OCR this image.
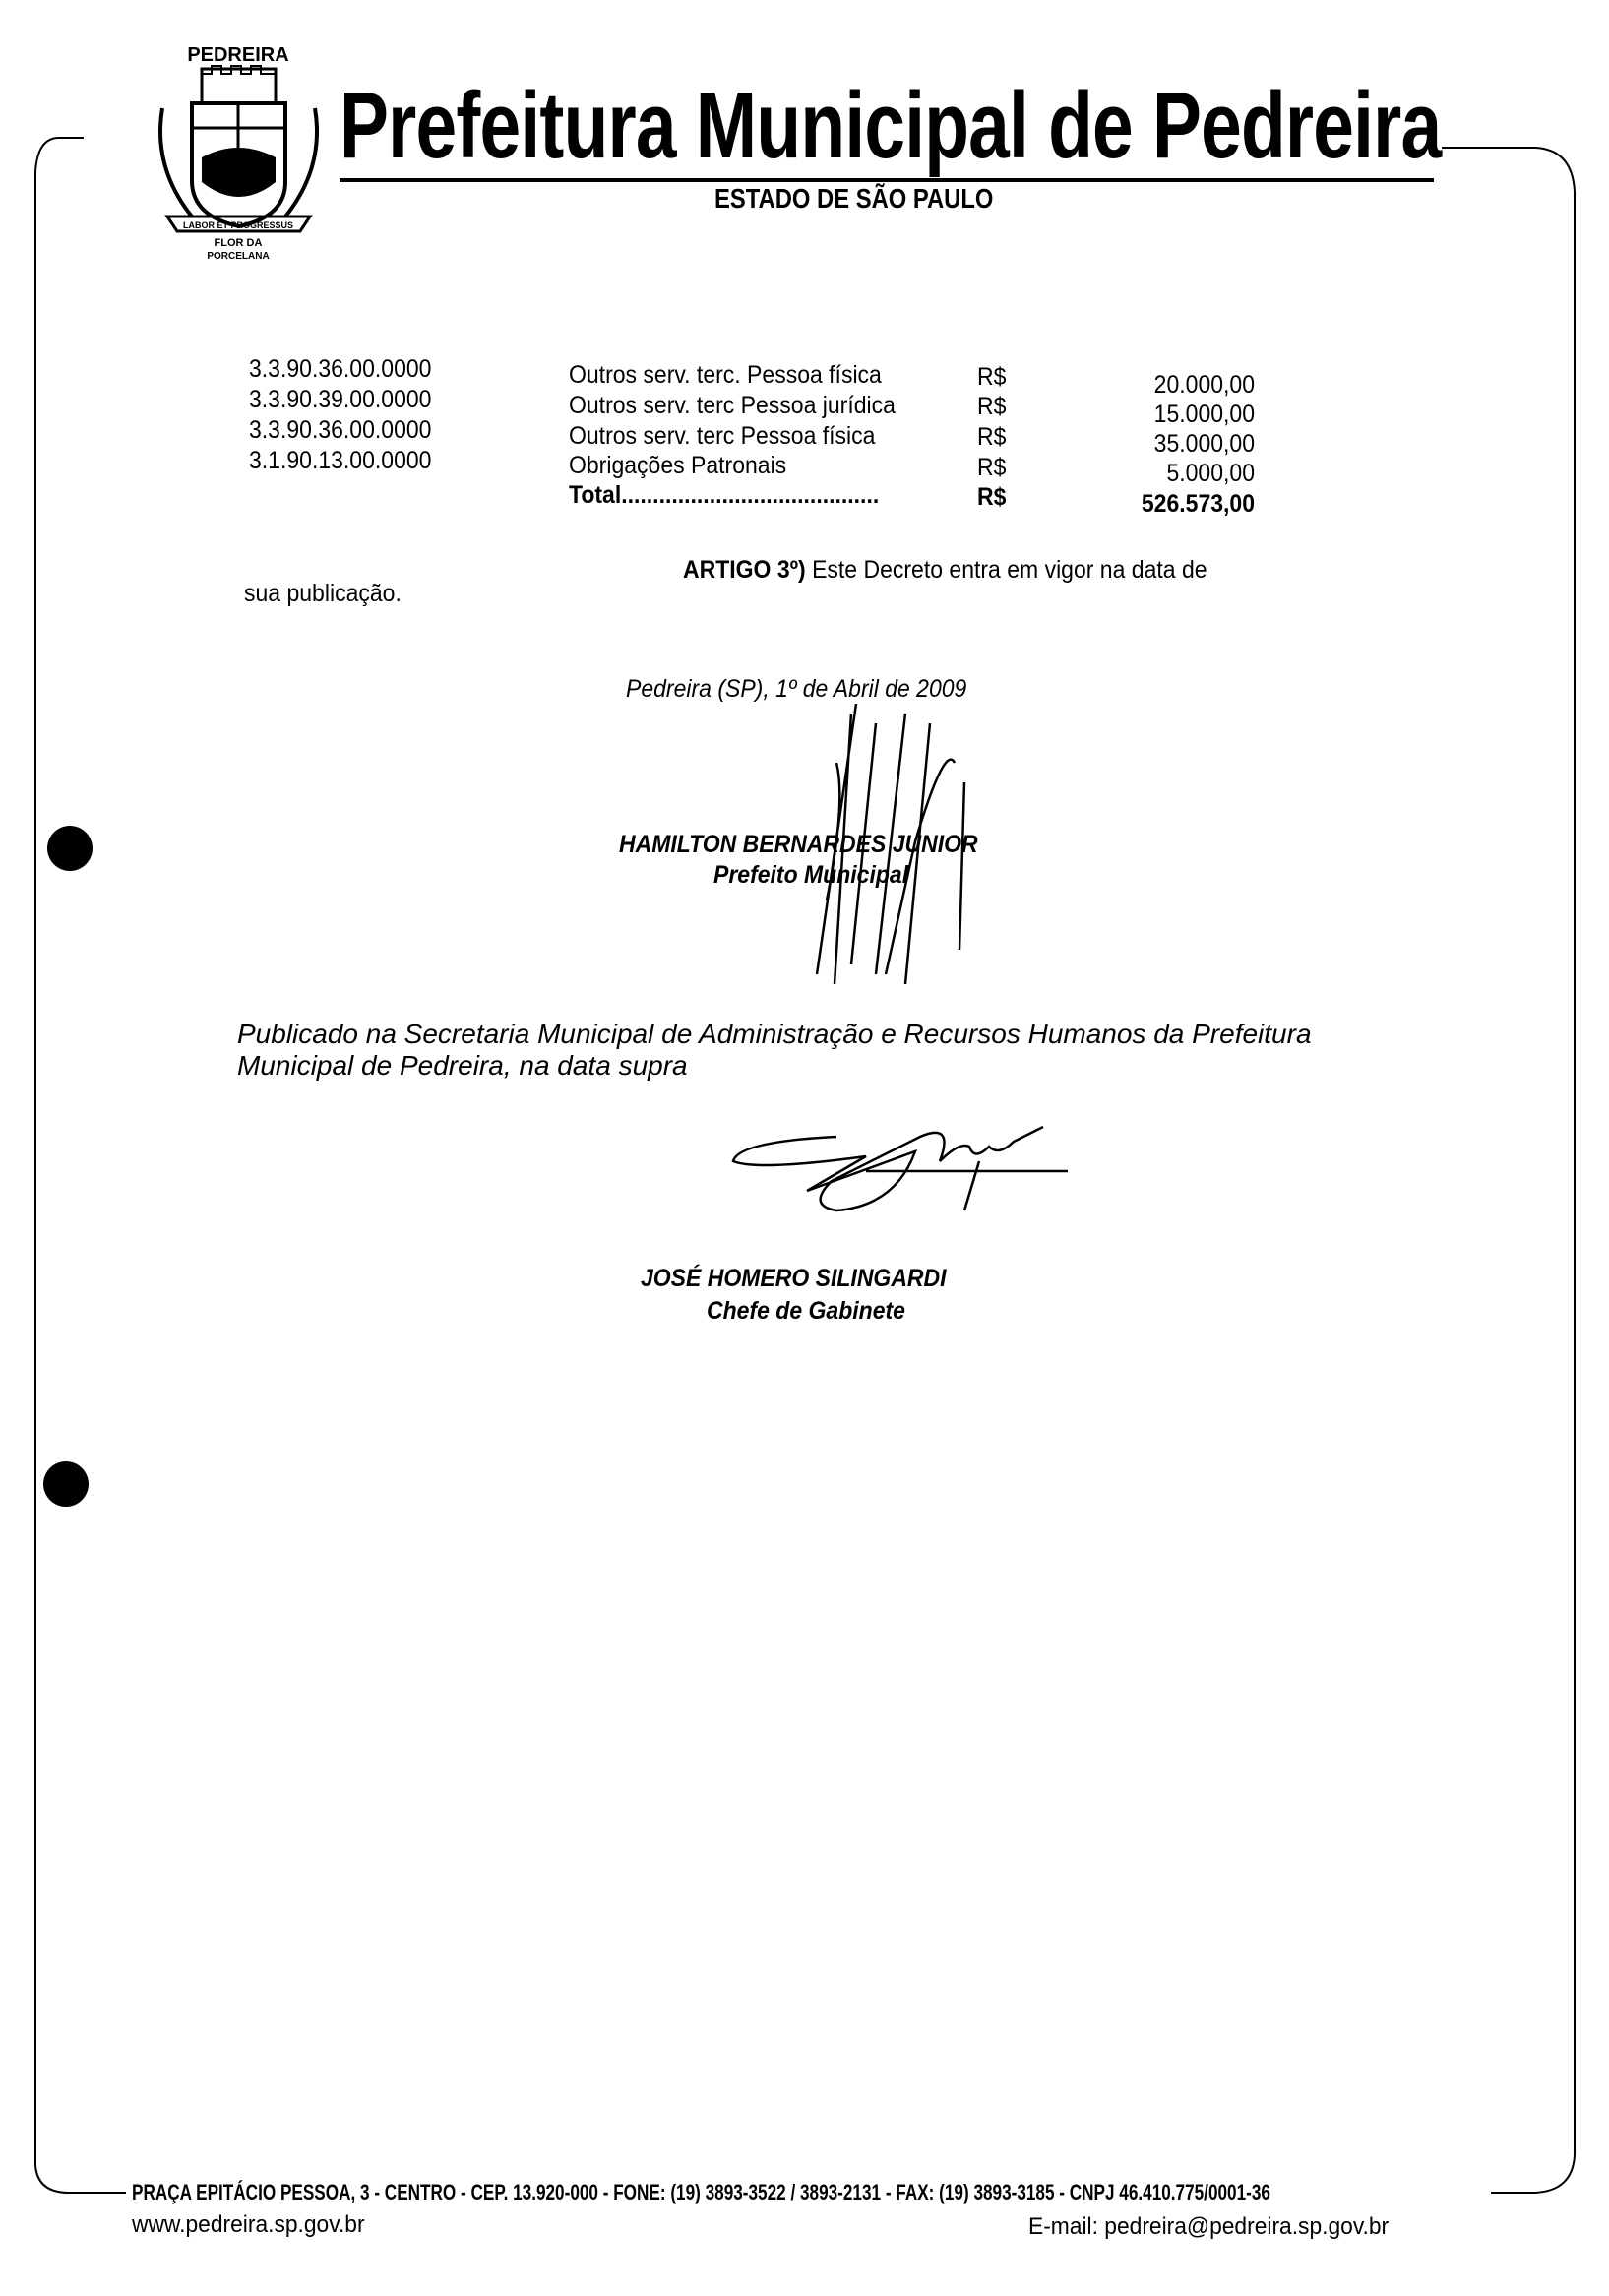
PEDREIRA
LABOR ET PROGRESSUS
FLOR DA
PORCELANA
Prefeitura Municipal de Pedreira
ESTADO DE SÃO PAULO
3.3.90.36.00.0000
3.3.90.39.00.0000
3.3.90.36.00.0000
3.1.90.13.00.0000
Outros serv. terc. Pessoa física
Outros serv. terc Pessoa jurídica
Outros serv. terc Pessoa física
Obrigações Patronais
Total.........................................
R$
R$
R$
R$
R$
20.000,00
15.000,00
35.000,00
5.000,00
526.573,00
ARTIGO 3º) Este Decreto entra em vigor na data de
sua publicação.
Pedreira (SP), 1º de Abril de 2009
HAMILTON BERNARDES JUNIOR
Prefeito Municipal
Publicado na Secretaria Municipal de Administração e Recursos Humanos da Prefeitura
Municipal de Pedreira, na data supra
JOSÉ HOMERO SILINGARDI
Chefe de Gabinete
PRAÇA EPITÁCIO PESSOA, 3 - CENTRO - CEP. 13.920-000 - FONE: (19) 3893-3522 / 3893-2131 - FAX: (19) 3893-3185 - CNPJ 46.410.775/0001-36
www.pedreira.sp.gov.br	E-mail: pedreira@pedreira.sp.gov.br
